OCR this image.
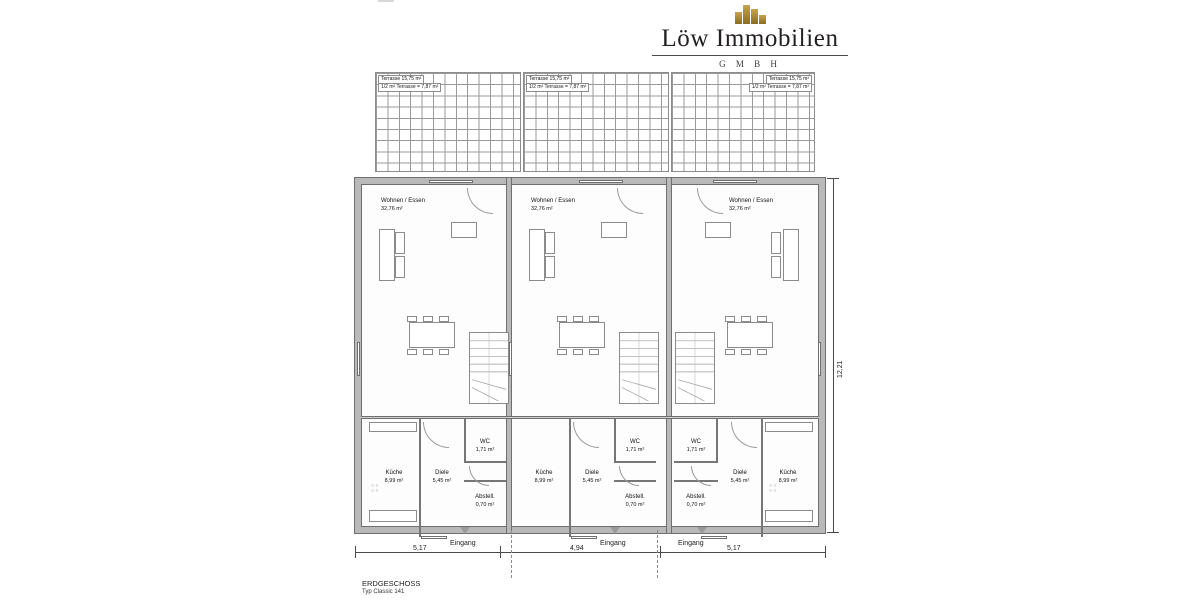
Löw Immobilien
G M B H
Terrasse 15,75 m²
1/2 m² Terrasse = 7,87 m²
Terrasse 15,75 m²
1/2 m² Terrasse = 7,87 m²
Terrasse 15,75 m²
1/2 m² Terrasse = 7,87 m²
Wohnen / Essen
32,76 m²
Küche
8,99 m²
Diele
5,45 m²
WC
1,71 m²
Abstell.
0,70 m²
○ ○
○ ○
Wohnen / Essen
32,76 m²
Küche
8,99 m²
Diele
5,45 m²
WC
1,71 m²
Abstell.
0,70 m²
Wohnen / Essen
32,76 m²
Küche
8,99 m²
Diele
5,45 m²
WC
1,71 m²
Abstell.
0,70 m²
○ ○
○ ○
12,21
5,17	4,94	5,17
Eingang	Eingang	Eingang
ERDGESCHOSS
Typ Classic 141
